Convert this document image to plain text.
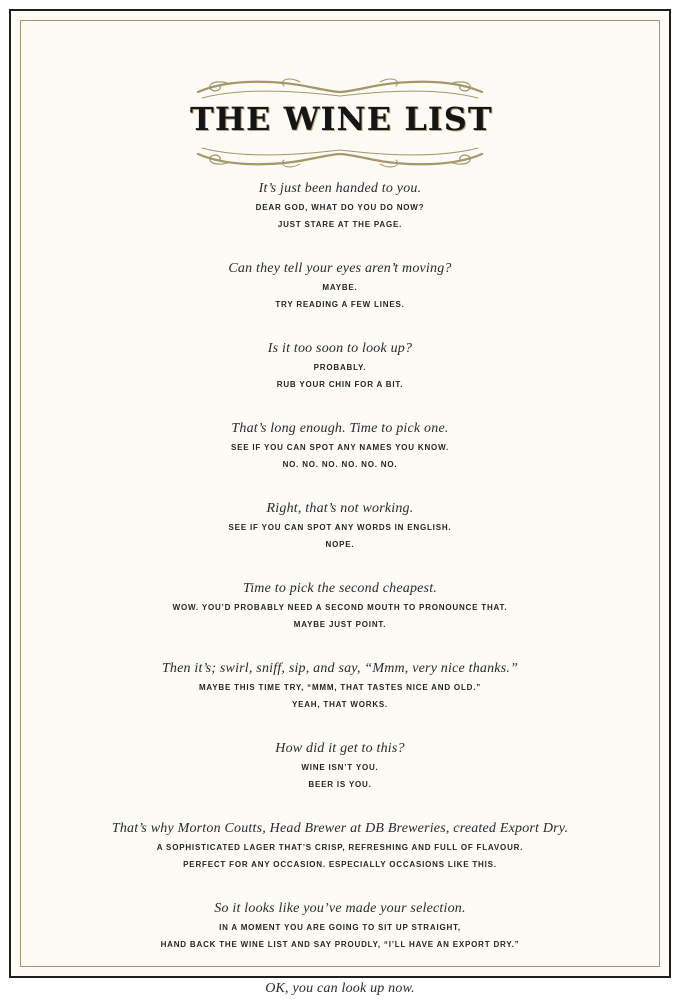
THE WINE LIST
It’s just been handed to you.
DEAR GOD, WHAT DO YOU DO NOW?
JUST STARE AT THE PAGE.
Can they tell your eyes aren’t moving?
MAYBE.
TRY READING A FEW LINES.
Is it too soon to look up?
PROBABLY.
RUB YOUR CHIN FOR A BIT.
That’s long enough. Time to pick one.
SEE IF YOU CAN SPOT ANY NAMES YOU KNOW.
NO. NO. NO. NO. NO. NO.
Right, that’s not working.
SEE IF YOU CAN SPOT ANY WORDS IN ENGLISH.
NOPE.
Time to pick the second cheapest.
WOW. YOU’D PROBABLY NEED A SECOND MOUTH TO PRONOUNCE THAT.
MAYBE JUST POINT.
Then it’s; swirl, sniff, sip, and say, “Mmm, very nice thanks.”
MAYBE THIS TIME TRY, “MMM, THAT TASTES NICE AND OLD.”
YEAH, THAT WORKS.
How did it get to this?
WINE ISN’T YOU.
BEER IS YOU.
That’s why Morton Coutts, Head Brewer at DB Breweries, created Export Dry.
A SOPHISTICATED LAGER THAT’S CRISP, REFRESHING AND FULL OF FLAVOUR.
PERFECT FOR ANY OCCASION. ESPECIALLY OCCASIONS LIKE THIS.
So it looks like you’ve made your selection.
IN A MOMENT YOU ARE GOING TO SIT UP STRAIGHT,
HAND BACK THE WINE LIST AND SAY PROUDLY, “I’LL HAVE AN EXPORT DRY.”
OK, you can look up now.
